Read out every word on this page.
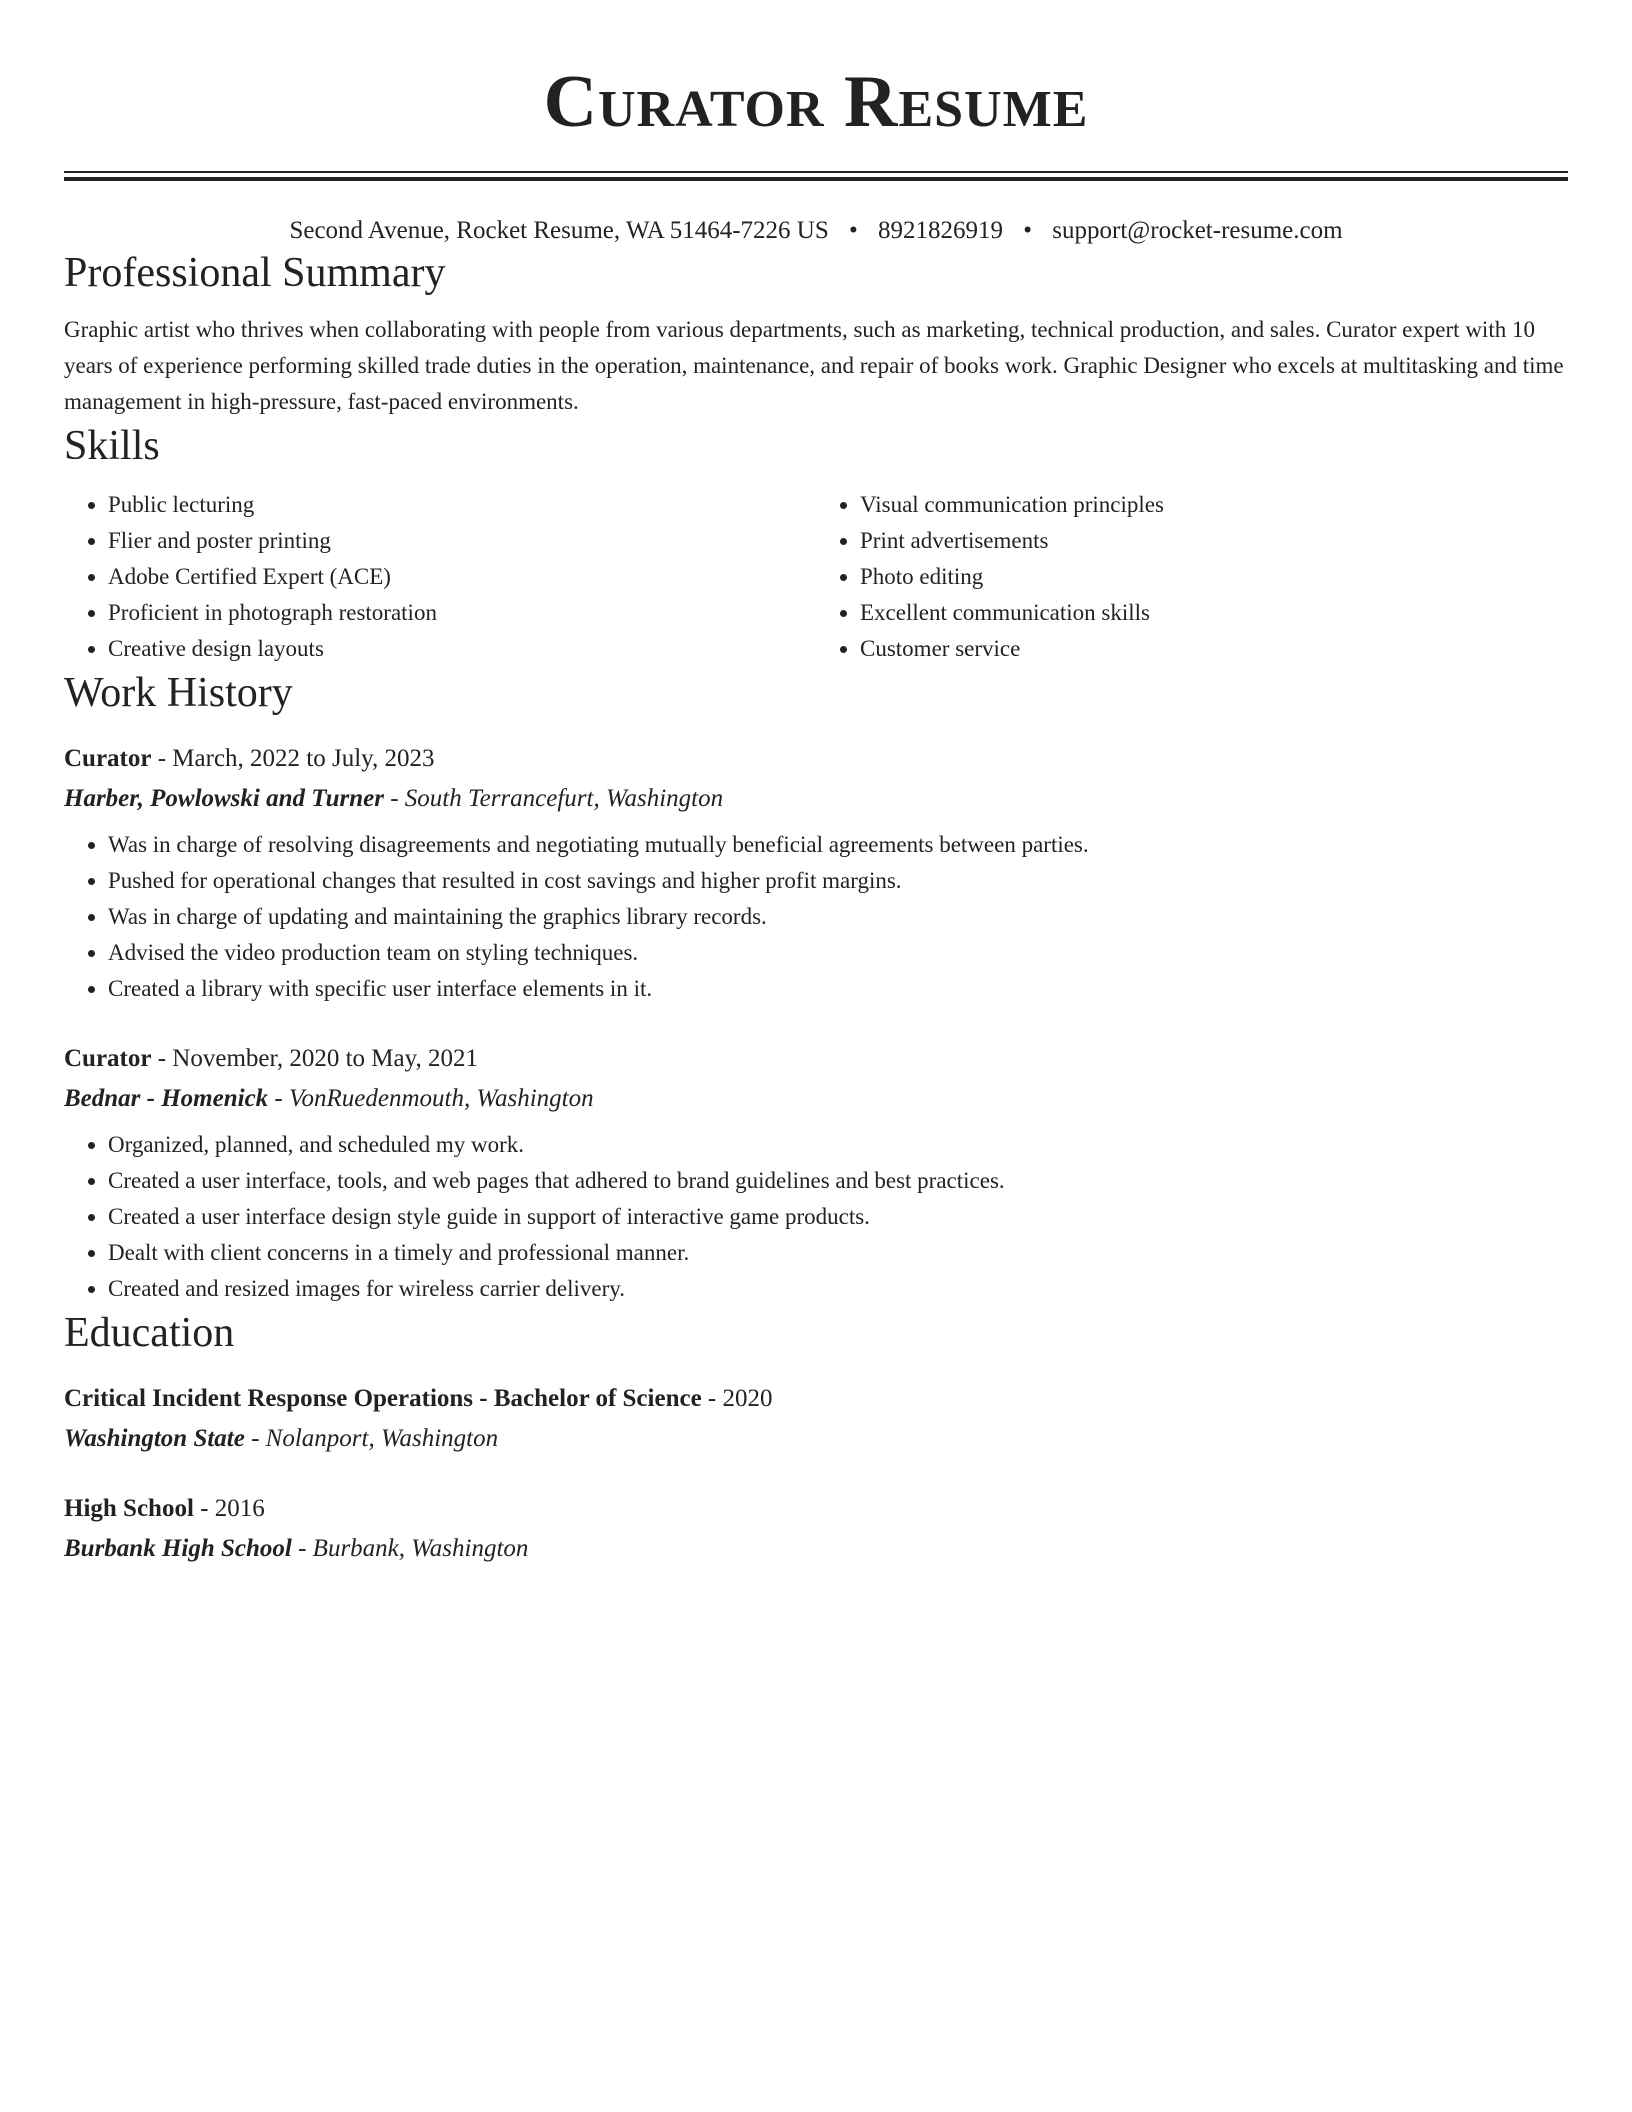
Curator Resume
Second Avenue, Rocket Resume, WA 51464-7226 US • 8921826919 • support@rocket-resume.com
Professional Summary
Graphic artist who thrives when collaborating with people from various departments, such as marketing, technical production, and sales. Curator expert with 10 years of experience performing skilled trade duties in the operation, maintenance, and repair of books work. Graphic Designer who excels at multitasking and time management in high-pressure, fast-paced environments.
Skills
• Public lecturing
• Flier and poster printing
• Adobe Certified Expert (ACE)
• Proficient in photograph restoration
• Creative design layouts
• Visual communication principles
• Print advertisements
• Photo editing
• Excellent communication skills
• Customer service
Work History
Curator - March, 2022 to July, 2023
Harber, Powlowski and Turner - South Terrancefurt, Washington
• Was in charge of resolving disagreements and negotiating mutually beneficial agreements between parties.
• Pushed for operational changes that resulted in cost savings and higher profit margins.
• Was in charge of updating and maintaining the graphics library records.
• Advised the video production team on styling techniques.
• Created a library with specific user interface elements in it.
Curator - November, 2020 to May, 2021
Bednar - Homenick - VonRuedenmouth, Washington
• Organized, planned, and scheduled my work.
• Created a user interface, tools, and web pages that adhered to brand guidelines and best practices.
• Created a user interface design style guide in support of interactive game products.
• Dealt with client concerns in a timely and professional manner.
• Created and resized images for wireless carrier delivery.
Education
Critical Incident Response Operations - Bachelor of Science - 2020
Washington State - Nolanport, Washington
High School - 2016
Burbank High School - Burbank, Washington
